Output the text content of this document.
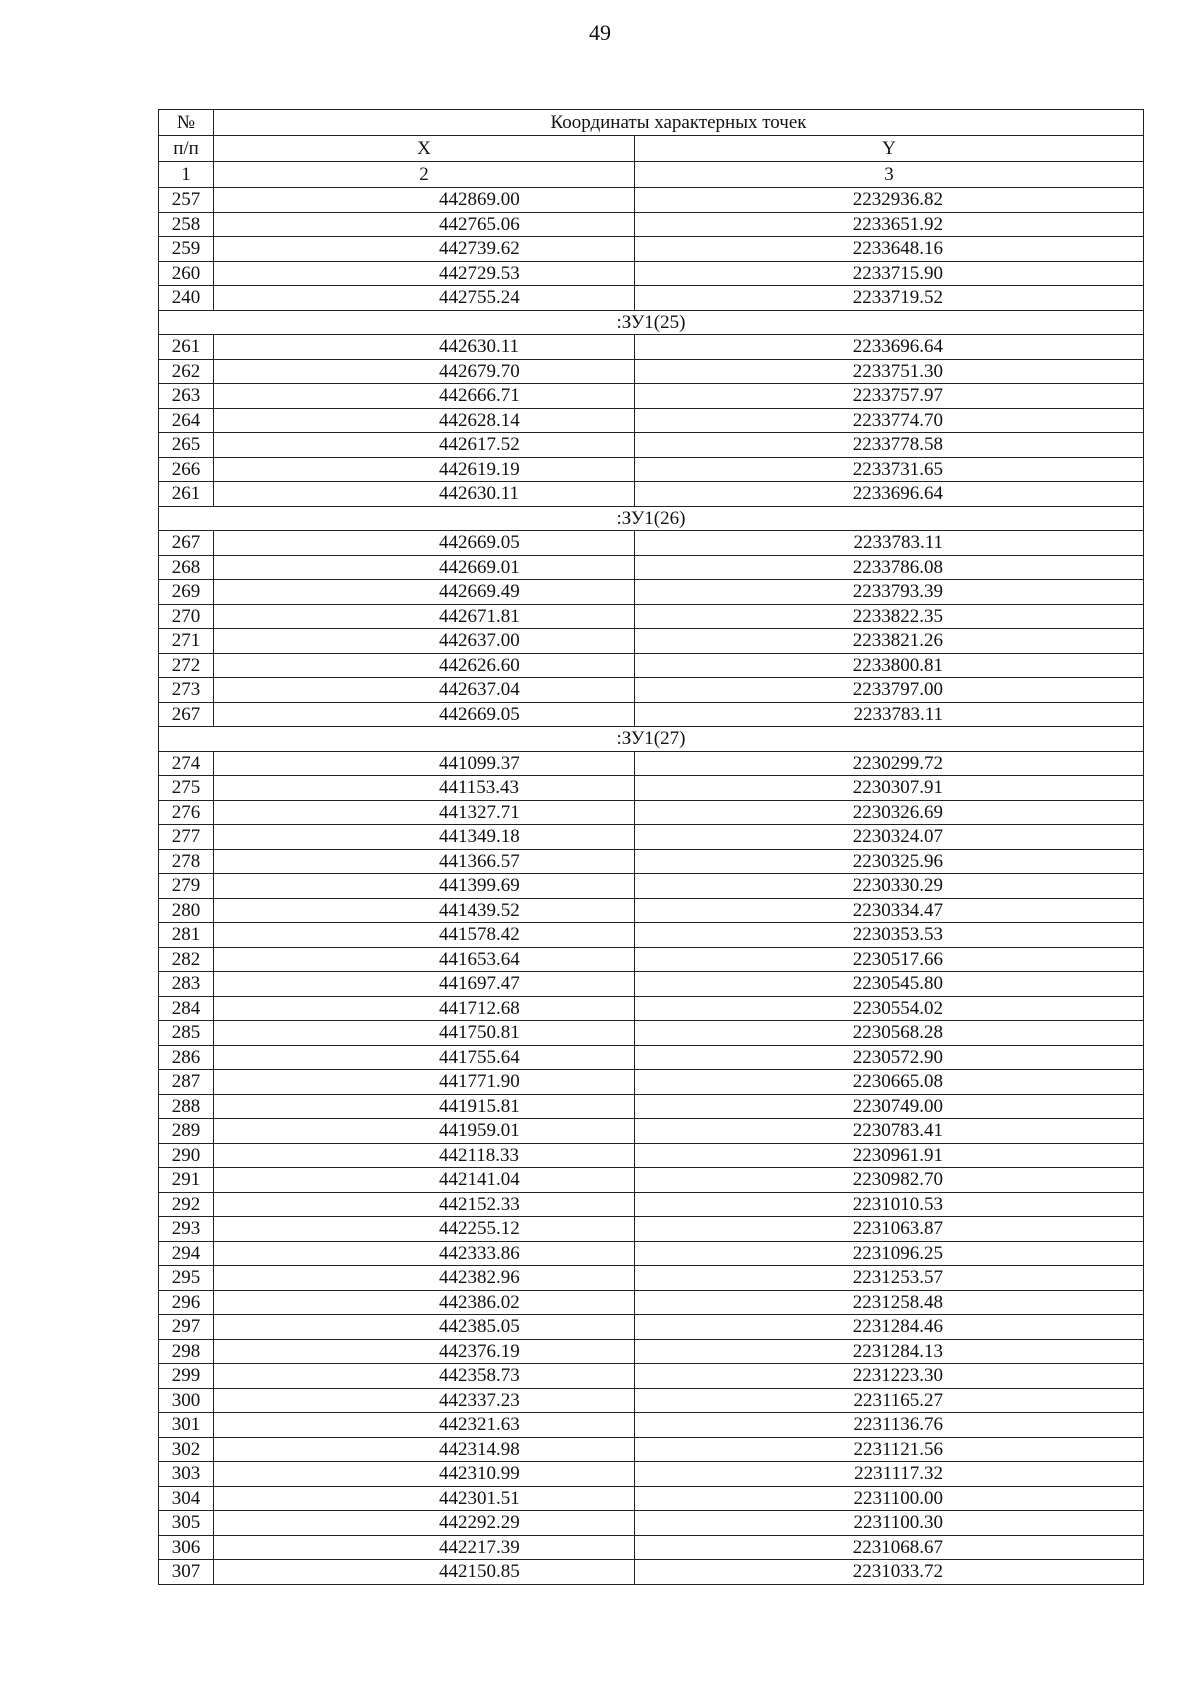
49
№	Координаты характерных точек	
п/п	X	Y
1	2	3
257	442869.00	2232936.82
258	442765.06	2233651.92
259	442739.62	2233648.16
260	442729.53	2233715.90
240	442755.24	2233719.52
:ЗУ1(25)		
261	442630.11	2233696.64
262	442679.70	2233751.30
263	442666.71	2233757.97
264	442628.14	2233774.70
265	442617.52	2233778.58
266	442619.19	2233731.65
261	442630.11	2233696.64
:ЗУ1(26)		
267	442669.05	2233783.11
268	442669.01	2233786.08
269	442669.49	2233793.39
270	442671.81	2233822.35
271	442637.00	2233821.26
272	442626.60	2233800.81
273	442637.04	2233797.00
267	442669.05	2233783.11
:ЗУ1(27)		
274	441099.37	2230299.72
275	441153.43	2230307.91
276	441327.71	2230326.69
277	441349.18	2230324.07
278	441366.57	2230325.96
279	441399.69	2230330.29
280	441439.52	2230334.47
281	441578.42	2230353.53
282	441653.64	2230517.66
283	441697.47	2230545.80
284	441712.68	2230554.02
285	441750.81	2230568.28
286	441755.64	2230572.90
287	441771.90	2230665.08
288	441915.81	2230749.00
289	441959.01	2230783.41
290	442118.33	2230961.91
291	442141.04	2230982.70
292	442152.33	2231010.53
293	442255.12	2231063.87
294	442333.86	2231096.25
295	442382.96	2231253.57
296	442386.02	2231258.48
297	442385.05	2231284.46
298	442376.19	2231284.13
299	442358.73	2231223.30
300	442337.23	2231165.27
301	442321.63	2231136.76
302	442314.98	2231121.56
303	442310.99	2231117.32
304	442301.51	2231100.00
305	442292.29	2231100.30
306	442217.39	2231068.67
307	442150.85	2231033.72
